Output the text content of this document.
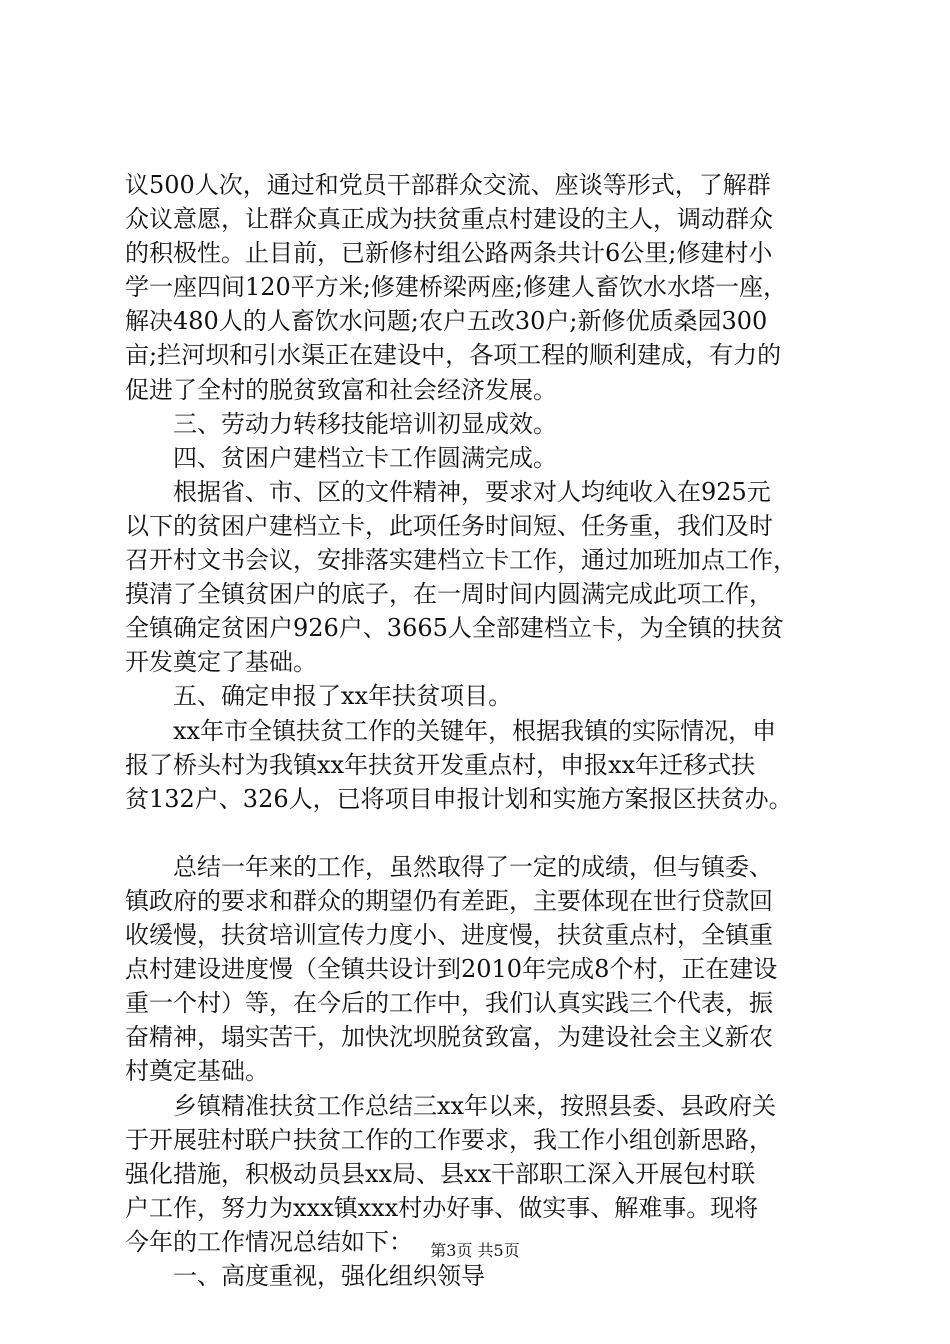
议500人次，通过和党员干部群众交流、座谈等形式，了解群
众议意愿，让群众真正成为扶贫重点村建设的主人，调动群众
的积极性。止目前，已新修村组公路两条共计6公里;修建村小
学一座四间120平方米;修建桥梁两座;修建人畜饮水水塔一座，
解决480人的人畜饮水问题;农户五改30户;新修优质桑园300
亩;拦河坝和引水渠正在建设中，各项工程的顺利建成，有力的
促进了全村的脱贫致富和社会经济发展。
　　三、劳动力转移技能培训初显成效。
　　四、贫困户建档立卡工作圆满完成。
　　根据省、市、区的文件精神，要求对人均纯收入在925元
以下的贫困户建档立卡，此项任务时间短、任务重，我们及时
召开村文书会议，安排落实建档立卡工作，通过加班加点工作，
摸清了全镇贫困户的底子，在一周时间内圆满完成此项工作，
全镇确定贫困户926户、3665人全部建档立卡，为全镇的扶贫
开发奠定了基础。
　　五、确定申报了xx年扶贫项目。
　　xx年市全镇扶贫工作的关键年，根据我镇的实际情况，申
报了桥头村为我镇xx年扶贫开发重点村，申报xx年迁移式扶
贫132户、326人，已将项目申报计划和实施方案报区扶贫办。
　　总结一年来的工作，虽然取得了一定的成绩，但与镇委、
镇政府的要求和群众的期望仍有差距，主要体现在世行贷款回
收缓慢，扶贫培训宣传力度小、进度慢，扶贫重点村，全镇重
点村建设进度慢（全镇共设计到2010年完成8个村，正在建设
重一个村）等，在今后的工作中，我们认真实践三个代表，振
奋精神，塌实苦干，加快沈坝脱贫致富，为建设社会主义新农
村奠定基础。
　　乡镇精准扶贫工作总结三xx年以来，按照县委、县政府关
于开展驻村联户扶贫工作的工作要求，我工作小组创新思路，
强化措施，积极动员县xx局、县xx干部职工深入开展包村联
户工作，努力为xxx镇xxx村办好事、做实事、解难事。现将
今年的工作情况总结如下：
　　一、高度重视，强化组织领导
第3页 共5页
